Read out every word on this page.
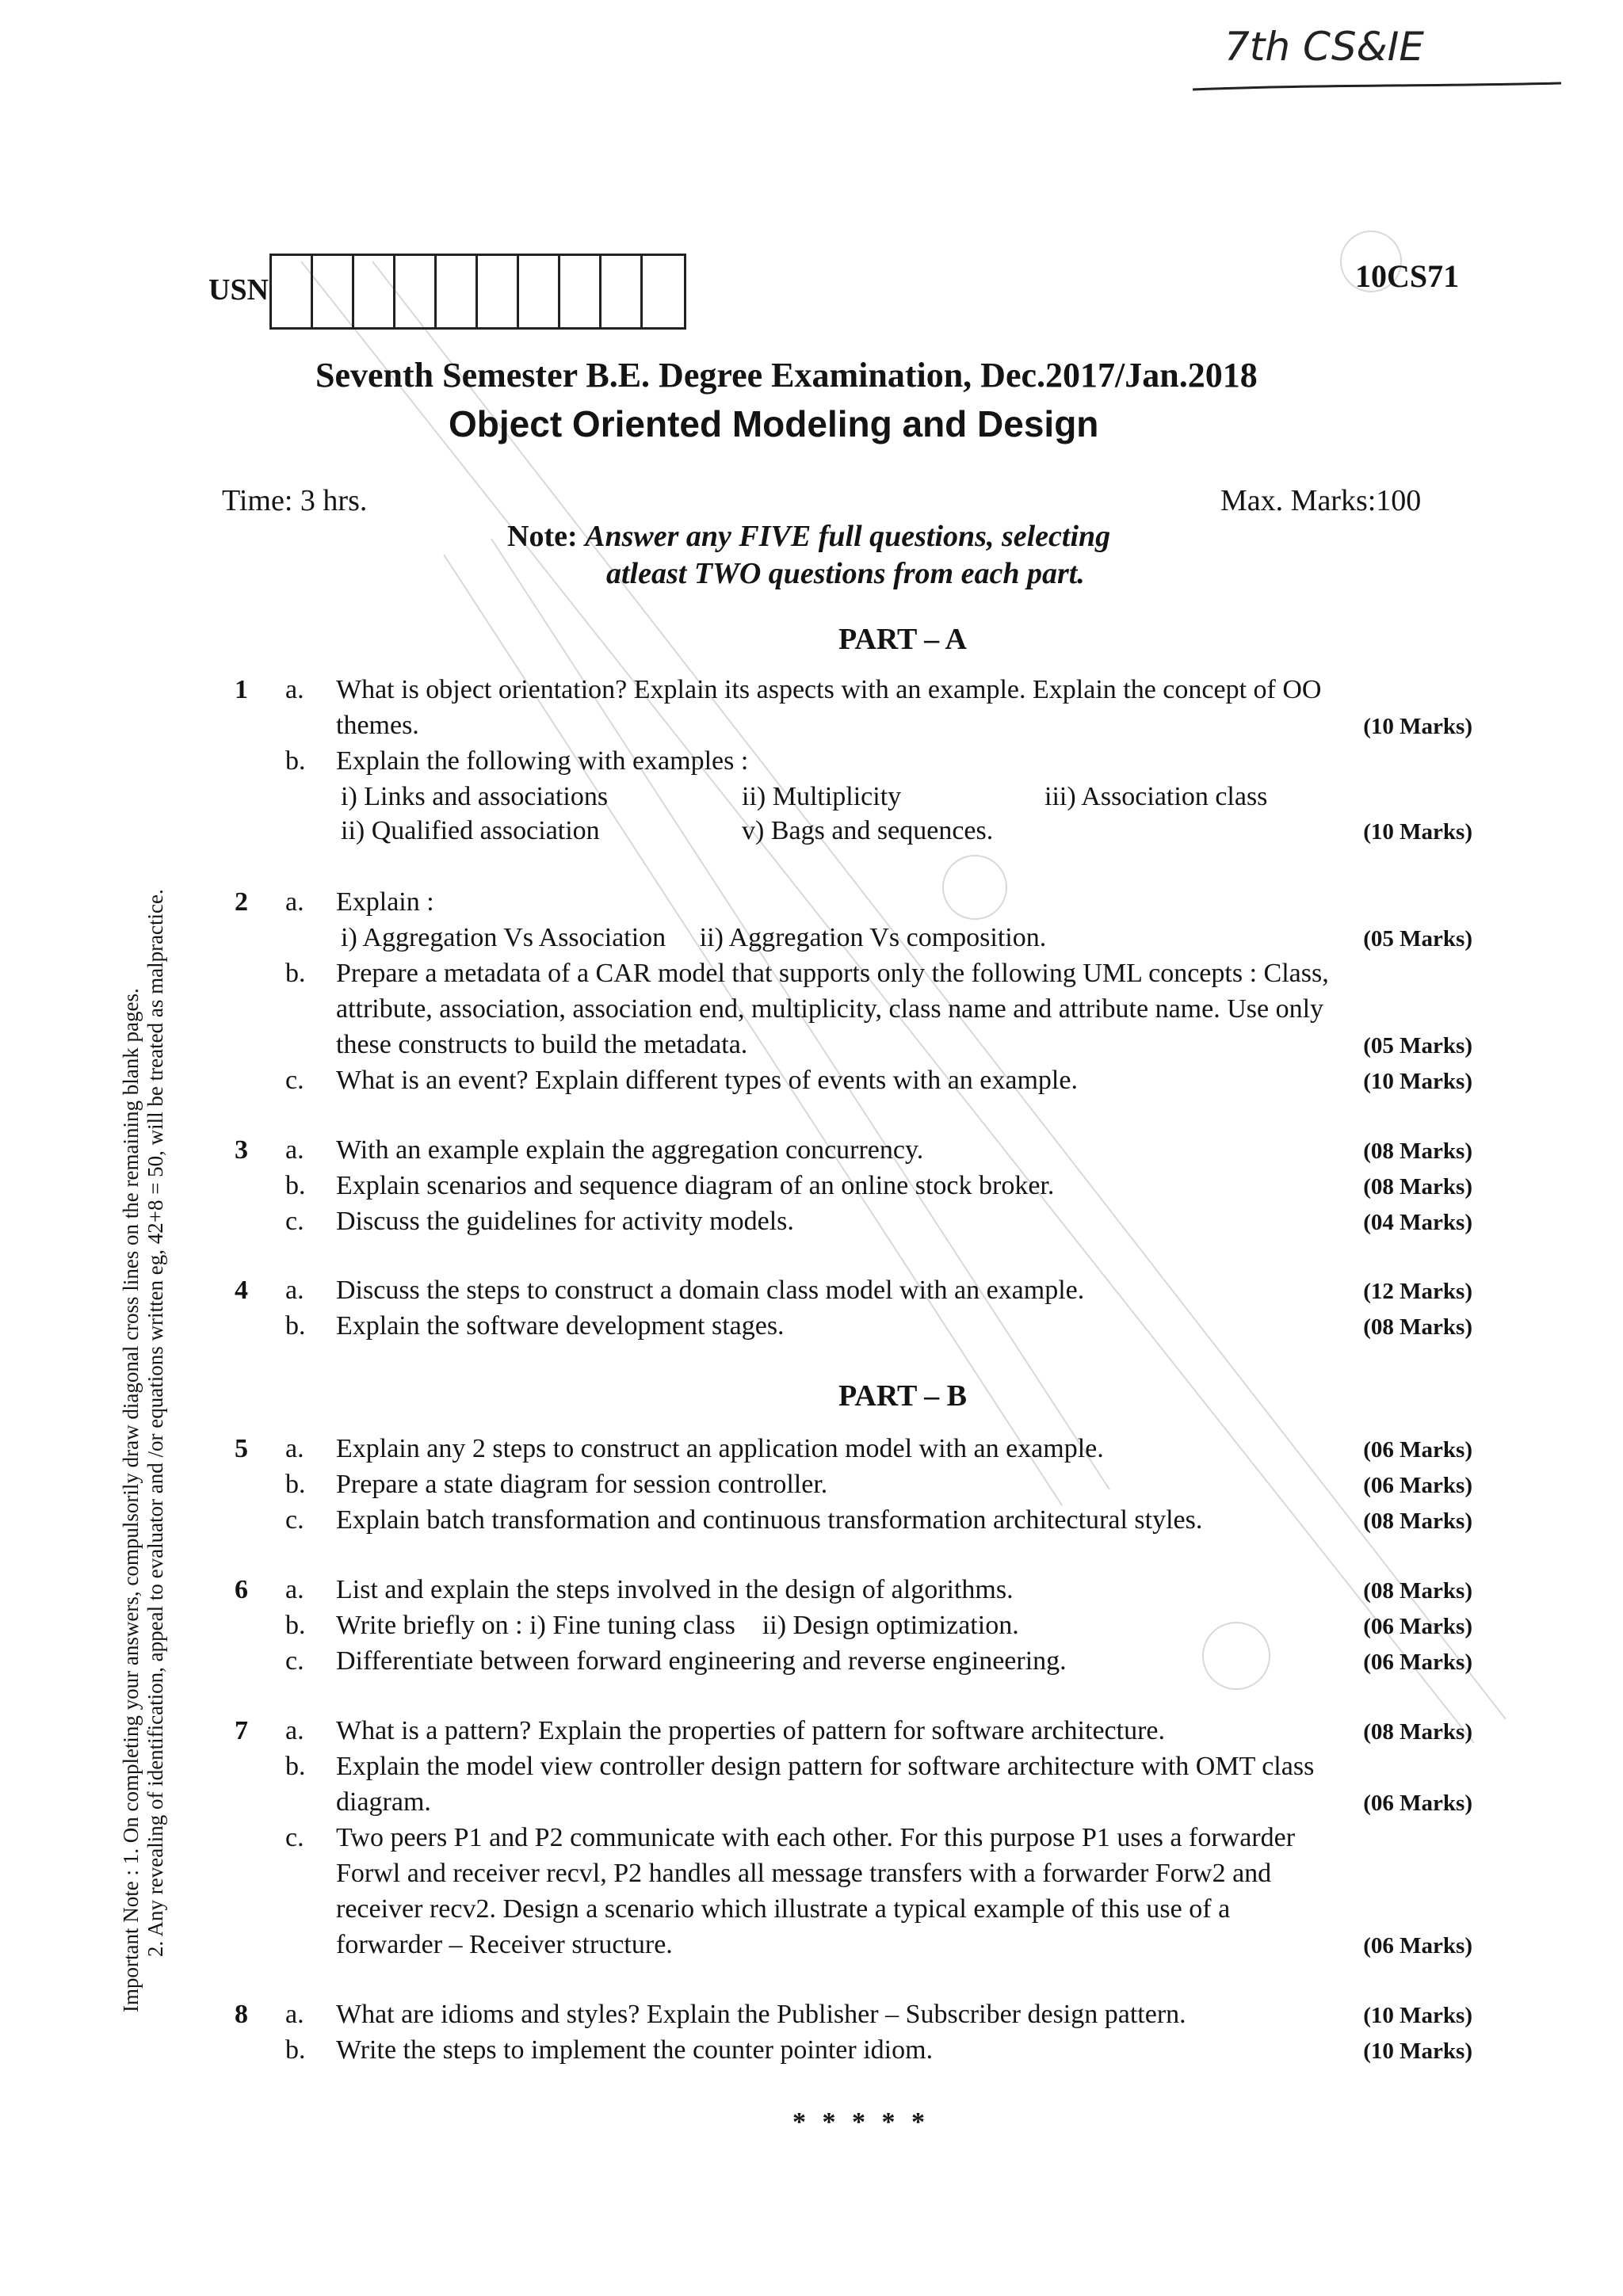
7th CS&IE
USN	10CS71
Seventh Semester B.E. Degree Examination, Dec.2017/Jan.2018
Object Oriented Modeling and Design
Time: 3 hrs.	Max. Marks:100
Note: Answer any FIVE full questions, selecting
atleast TWO questions from each part.
Important Note : 1. On completing your answers, compulsorily draw diagonal cross lines on the remaining blank pages. 2. Any revealing of identification, appeal to evaluator and /or equations written eg, 42+8 = 50, will be treated as malpractice.
PART – A
1 a. What is object orientation? Explain its aspects with an example. Explain the concept of OO
themes.	(10 Marks)
b. Explain the following with examples :
i) Links and associations	ii) Multiplicity	iii) Association class
ii) Qualified association	v) Bags and sequences.	(10 Marks)
2 a. Explain :
i) Aggregation Vs Association     ii) Aggregation Vs composition.	(05 Marks)
b. Prepare a metadata of a CAR model that supports only the following UML concepts : Class,
attribute, association, association end, multiplicity, class name and attribute name. Use only
these constructs to build the metadata.	(05 Marks)
c. What is an event? Explain different types of events with an example.	(10 Marks)
3 a. With an example explain the aggregation concurrency.	(08 Marks)
b. Explain scenarios and sequence diagram of an online stock broker.	(08 Marks)
c. Discuss the guidelines for activity models.	(04 Marks)
4 a. Discuss the steps to construct a domain class model with an example.	(12 Marks)
b. Explain the software development stages.	(08 Marks)
PART – B
5 a. Explain any 2 steps to construct an application model with an example.	(06 Marks)
b. Prepare a state diagram for session controller.	(06 Marks)
c. Explain batch transformation and continuous transformation architectural styles.	(08 Marks)
6 a. List and explain the steps involved in the design of algorithms.	(08 Marks)
b. Write briefly on : i) Fine tuning class    ii) Design optimization.	(06 Marks)
c. Differentiate between forward engineering and reverse engineering.	(06 Marks)
7 a. What is a pattern? Explain the properties of pattern for software architecture.	(08 Marks)
b. Explain the model view controller design pattern for software architecture with OMT class
diagram.	(06 Marks)
c. Two peers P1 and P2 communicate with each other. For this purpose P1 uses a forwarder
Forwl and receiver recvl, P2 handles all message transfers with a forwarder Forw2 and
receiver recv2. Design a scenario which illustrate a typical example of this use of a
forwarder – Receiver structure.	(06 Marks)
8 a. What are idioms and styles? Explain the Publisher – Subscriber design pattern.	(10 Marks)
b. Write the steps to implement the counter pointer idiom.	(10 Marks)
* * * * *
